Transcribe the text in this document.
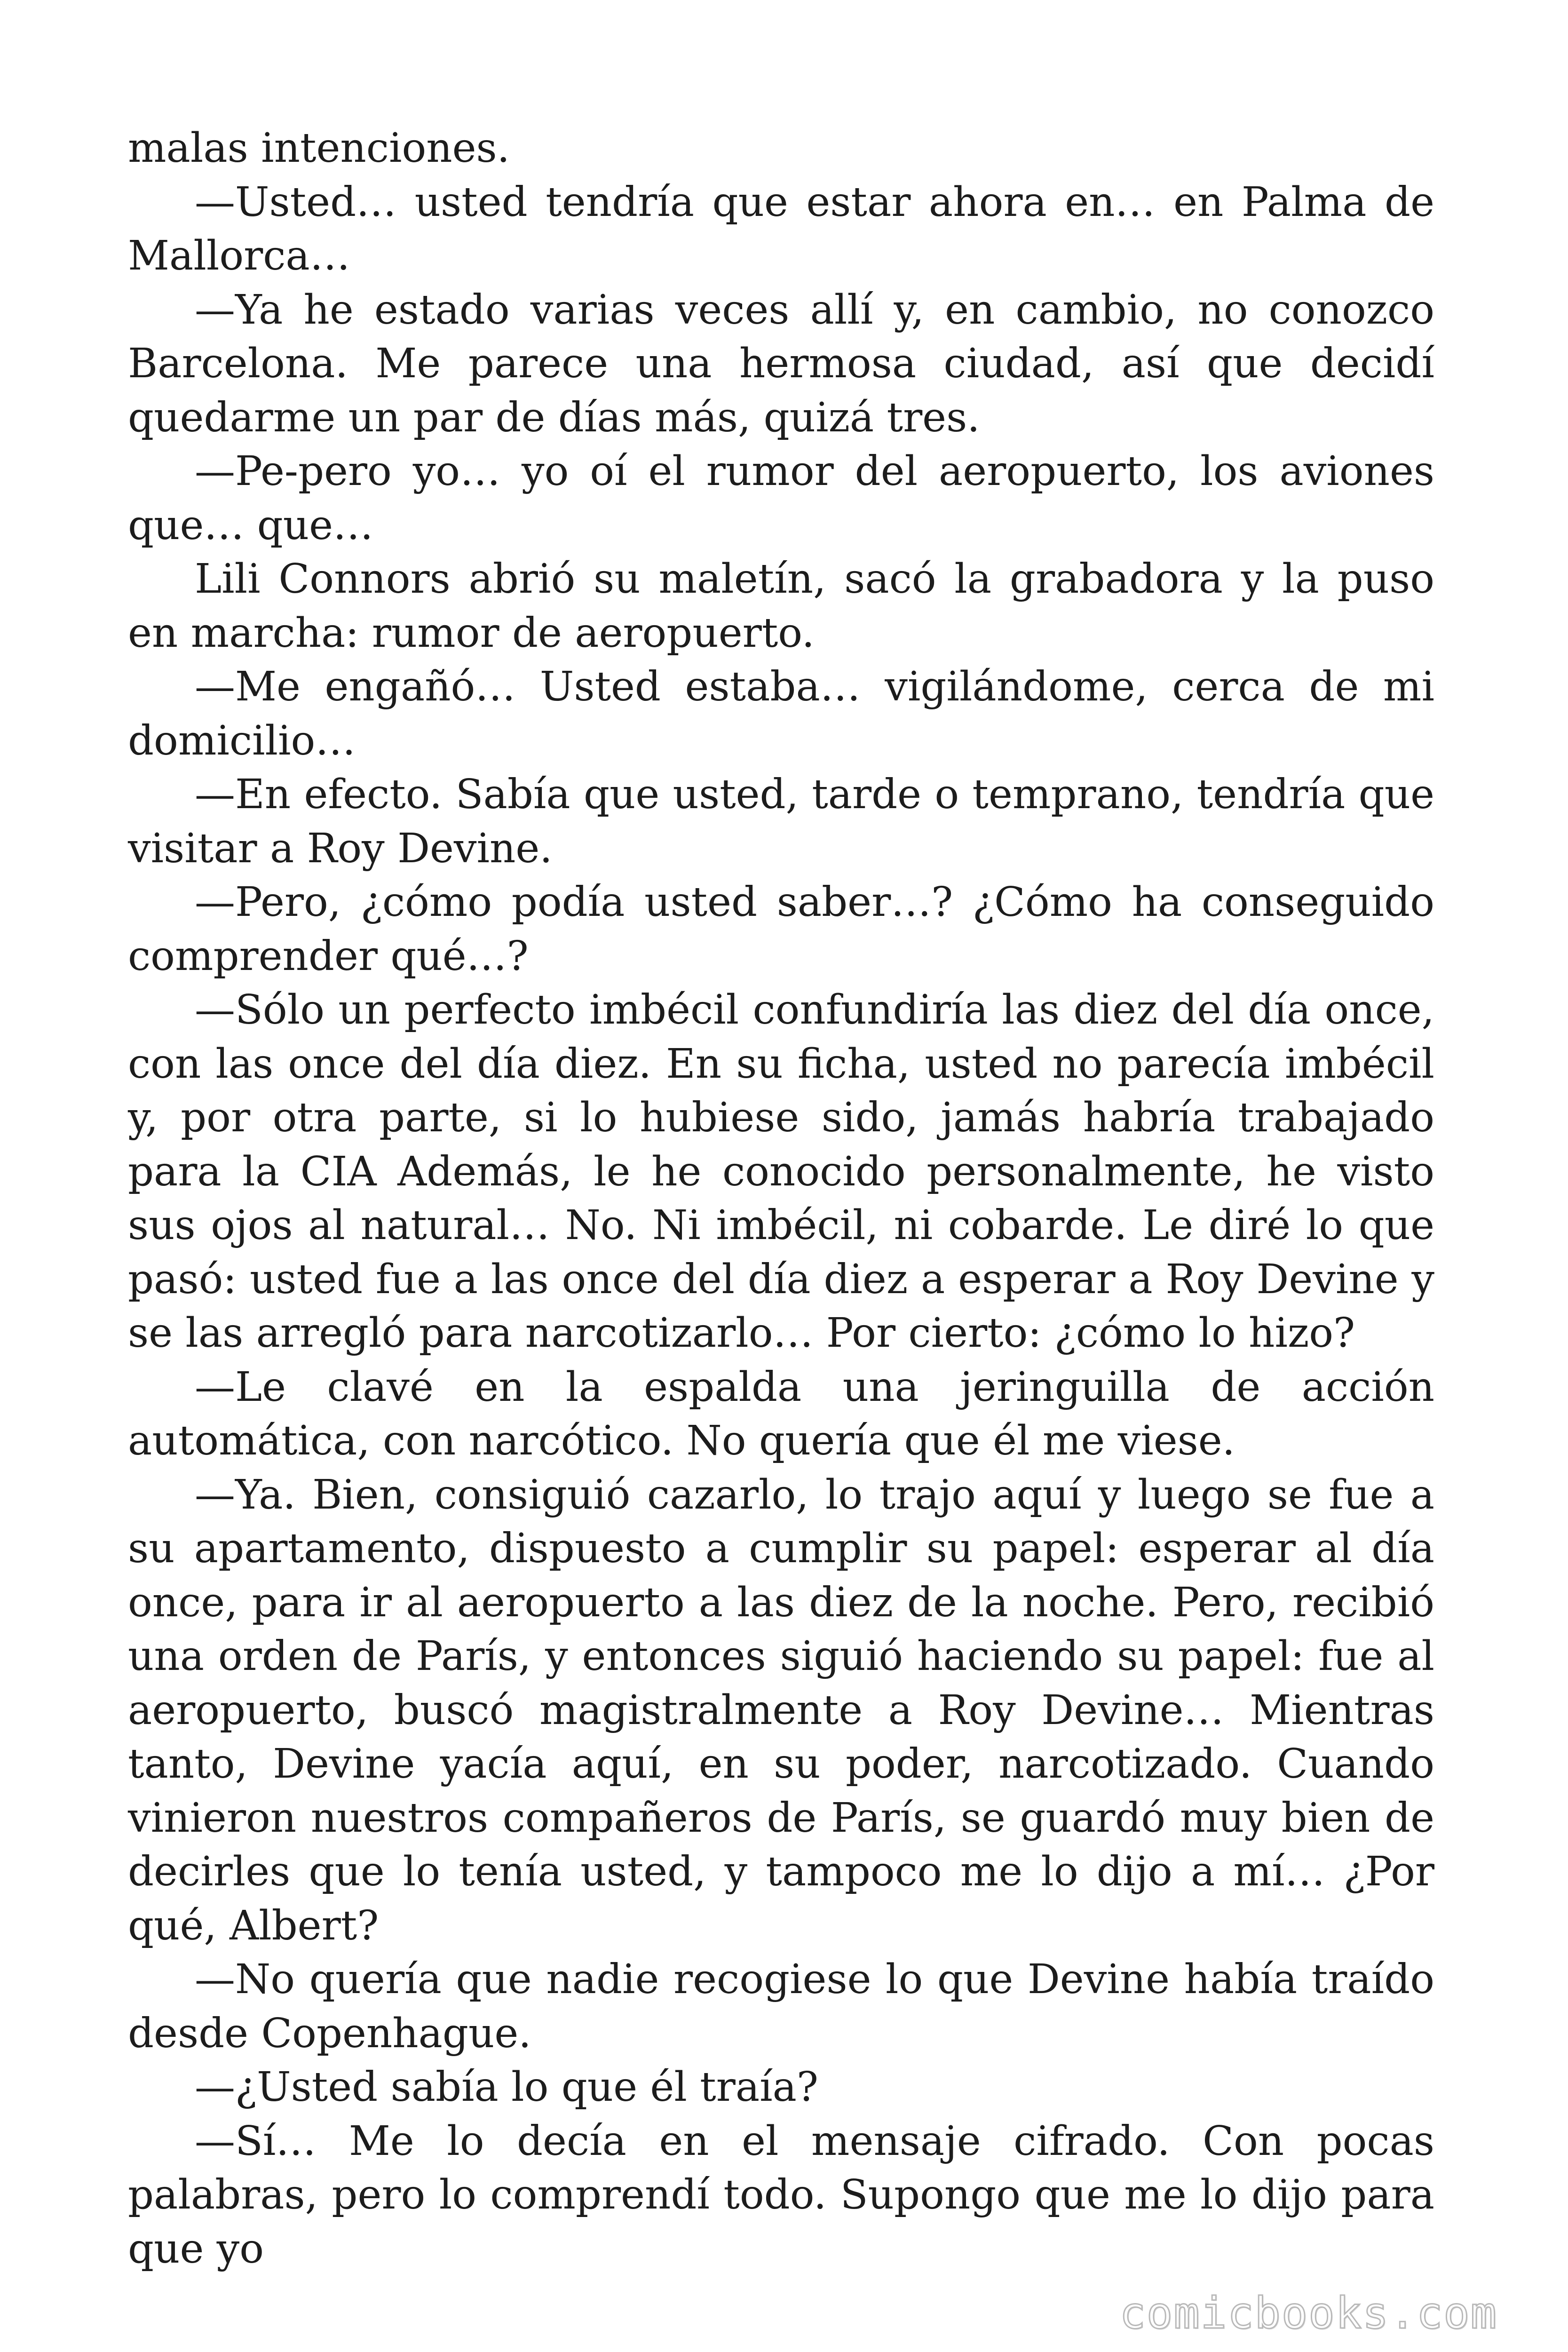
malas intenciones.

—Usted… usted tendría que estar ahora en… en Palma de Mallorca…

—Ya he estado varias veces allí y, en cambio, no conozco Barcelona. Me parece una hermosa ciudad, así que decidí quedarme un par de días más, quizá tres.

—Pe-pero yo… yo oí el rumor del aeropuerto, los aviones que… que…

Lili Connors abrió su maletín, sacó la grabadora y la puso en marcha: rumor de aeropuerto.

—Me engañó… Usted estaba… vigilándome, cerca de mi domicilio…

—En efecto. Sabía que usted, tarde o temprano, tendría que visitar a Roy Devine.

—Pero, ¿cómo podía usted saber…? ¿Cómo ha conseguido comprender qué…?

—Sólo un perfecto imbécil confundiría las diez del día once, con las once del día diez. En su ficha, usted no parecía imbécil y, por otra parte, si lo hubiese sido, jamás habría trabajado para la CIA Además, le he conocido personalmente, he visto sus ojos al natural… No. Ni imbécil, ni cobarde. Le diré lo que pasó: usted fue a las once del día diez a esperar a Roy Devine y se las arregló para narcotizarlo… Por cierto: ¿cómo lo hizo?

—Le clavé en la espalda una jeringuilla de acción automática, con narcótico. No quería que él me viese.

—Ya. Bien, consiguió cazarlo, lo trajo aquí y luego se fue a su apartamento, dispuesto a cumplir su papel: esperar al día once, para ir al aeropuerto a las diez de la noche. Pero, recibió una orden de París, y entonces siguió haciendo su papel: fue al aeropuerto, buscó magistralmente a Roy Devine… Mientras tanto, Devine yacía aquí, en su poder, narcotizado. Cuando vinieron nuestros compañeros de París, se guardó muy bien de decirles que lo tenía usted, y tampoco me lo dijo a mí… ¿Por qué, Albert?

—No quería que nadie recogiese lo que Devine había traído desde Copenhague.

—¿Usted sabía lo que él traía?

—Sí… Me lo decía en el mensaje cifrado. Con pocas palabras, pero lo comprendí todo. Supongo que me lo dijo para que yo

comicbooks.com
